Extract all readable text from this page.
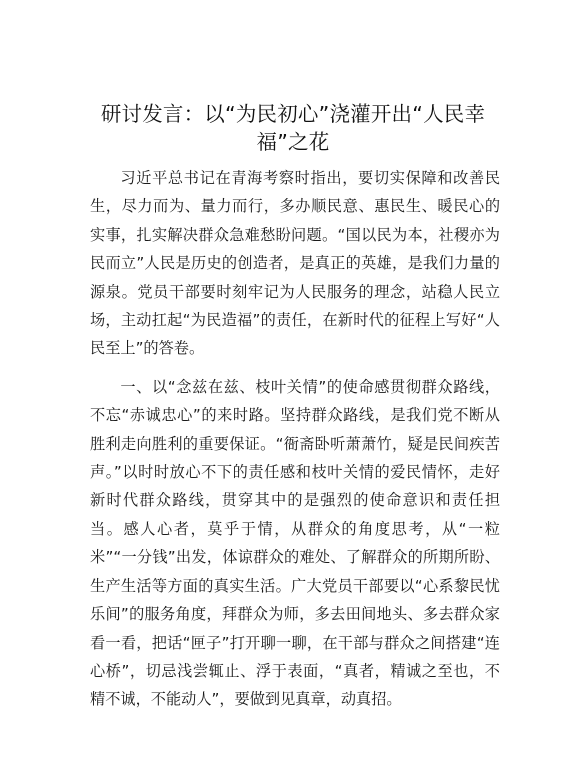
研讨发言：以“为民初心”浇灌开出“人民幸福”之花

习近平总书记在青海考察时指出，要切实保障和改善民生，尽力而为、量力而行，多办顺民意、惠民生、暖民心的实事，扎实解决群众急难愁盼问题。“国以民为本，社稷亦为民而立”人民是历史的创造者，是真正的英雄，是我们力量的源泉。党员干部要时刻牢记为人民服务的理念，站稳人民立场，主动扛起“为民造福”的责任，在新时代的征程上写好“人民至上”的答卷。

一、以“念兹在兹、枝叶关情”的使命感贯彻群众路线，不忘“赤诚忠心”的来时路。坚持群众路线，是我们党不断从胜利走向胜利的重要保证。“衙斋卧听萧萧竹，疑是民间疾苦声。”以时时放心不下的责任感和枝叶关情的爱民情怀，走好新时代群众路线，贯穿其中的是强烈的使命意识和责任担当。感人心者，莫乎于情，从群众的角度思考，从“一粒米”“一分钱”出发，体谅群众的难处、了解群众的所期所盼、生产生活等方面的真实生活。广大党员干部要以“心系黎民忧乐间”的服务角度，拜群众为师，多去田间地头、多去群众家看一看，把话“匣子”打开聊一聊，在干部与群众之间搭建“连心桥”，切忌浅尝辄止、浮于表面，“真者，精诚之至也，不精不诚，不能动人”，要做到见真章，动真招。
